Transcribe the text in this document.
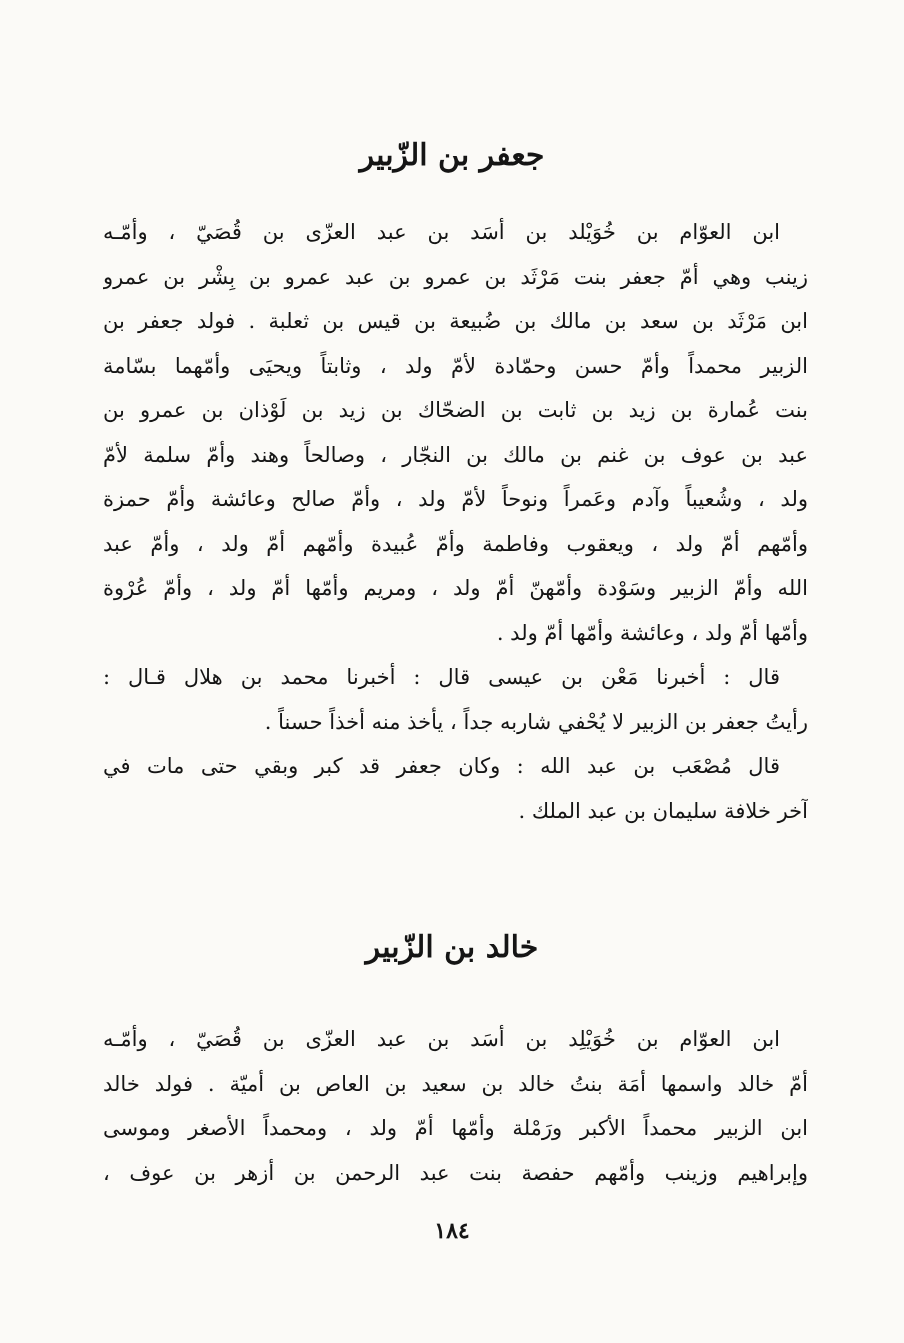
جعفر بن الزّبير
ابن العوّام بن خُوَيْلد بن أسَد بن عبد العزّى بن قُصَيّ ، وأمّـه
زينب وهي أمّ جعفر بنت مَرْثَد بن عمرو بن عبد عمرو بن بِشْر بن عمرو
ابن مَرْثَد بن سعد بن مالك بن ضُبيعة بن قيس بن ثعلبة . فولد جعفر بن
الزبير محمداً وأمّ حسن وحمّادة لأمّ ولد ، وثابتاً ويحيَى وأمّهما بسّامة
بنت عُمارة بن زيد بن ثابت بن الضحّاك بن زيد بن لَوْذان بن عمرو بن
عبد بن عوف بن غنم بن مالك بن النجّار ، وصالحاً وهند وأمّ سلمة لأمّ
ولد ، وشُعيباً وآدم وعَمراً ونوحاً لأمّ ولد ، وأمّ صالح وعائشة وأمّ حمزة
وأمّهم أمّ ولد ، ويعقوب وفاطمة وأمّ عُبيدة وأمّهم أمّ ولد ، وأمّ عبد
الله وأمّ الزبير وسَوْدة وأمّهنّ أمّ ولد ، ومريم وأمّها أمّ ولد ، وأمّ عُرْوة
وأمّها أمّ ولد ، وعائشة وأمّها أمّ ولد .
قال : أخبرنا مَعْن بن عيسى قال : أخبرنا محمد بن هلال قـال :
رأيتُ جعفر بن الزبير لا يُحْفي شاربه جداً ، يأخذ منه أخذاً حسناً .
قال مُصْعَب بن عبد الله : وكان جعفر قد كبر وبقي حتى مات في
آخر خلافة سليمان بن عبد الملك .
خالد بن الزّبير
ابن العوّام بن خُوَيْلِد بن أسَد بن عبد العزّى بن قُصَيّ ، وأمّـه
أمّ خالد واسمها أمَة بنتُ خالد بن سعيد بن العاص بن أميّة . فولد خالد
ابن الزبير محمداً الأكبر ورَمْلة وأمّها أمّ ولد ، ومحمداً الأصغر وموسى
وإبراهيم وزينب وأمّهم حفصة بنت عبد الرحمن بن أزهر بن عوف ،
١٨٤
